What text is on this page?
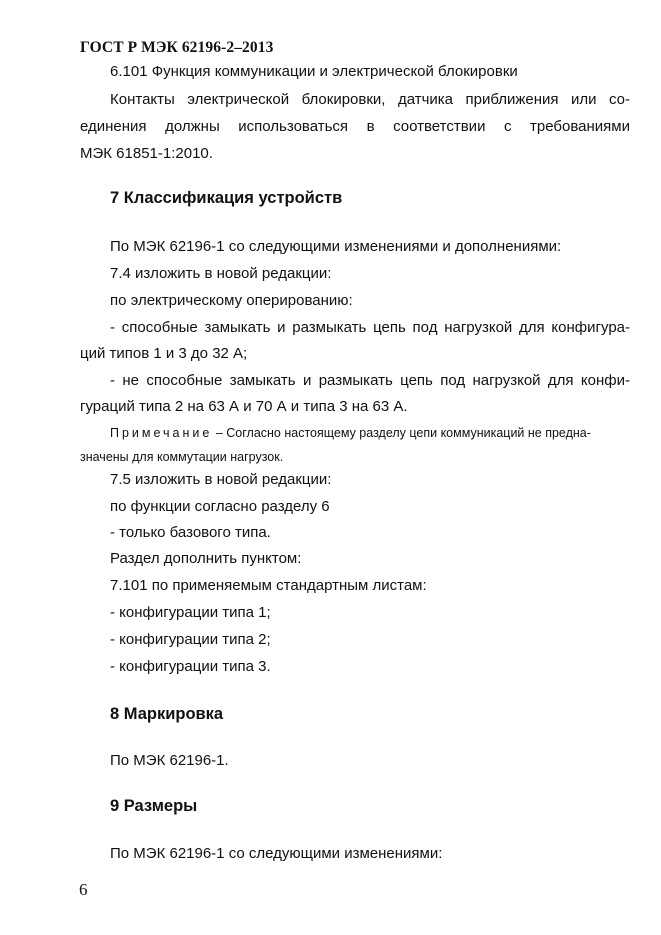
ГОСТ Р МЭК 62196-2–2013
6.101 Функция коммуникации и электрической блокировки
Контакты электрической блокировки, датчика приближения или со-
единения должны использоваться в соответствии с требованиями
МЭК 61851-1:2010.
7 Классификация устройств
По МЭК 62196-1 со следующими изменениями и дополнениями:
7.4 изложить в новой редакции:
по электрическому оперированию:
- способные замыкать и размыкать цепь под нагрузкой для конфигура-
ций типов 1 и 3 до 32 А;
- не способные замыкать и размыкать цепь под нагрузкой для конфи-
гураций типа 2 на 63 А и 70 А и типа 3 на 63 А.
Примечание – Согласно настоящему разделу цепи коммуникаций не предна-
значены для коммутации нагрузок.
7.5 изложить в новой редакции:
по функции согласно разделу 6
- только базового типа.
Раздел дополнить пунктом:
7.101 по применяемым стандартным листам:
- конфигурации типа 1;
- конфигурации типа 2;
- конфигурации типа 3.
8 Маркировка
По МЭК 62196-1.
9 Размеры
По МЭК 62196-1 со следующими изменениями:
6
